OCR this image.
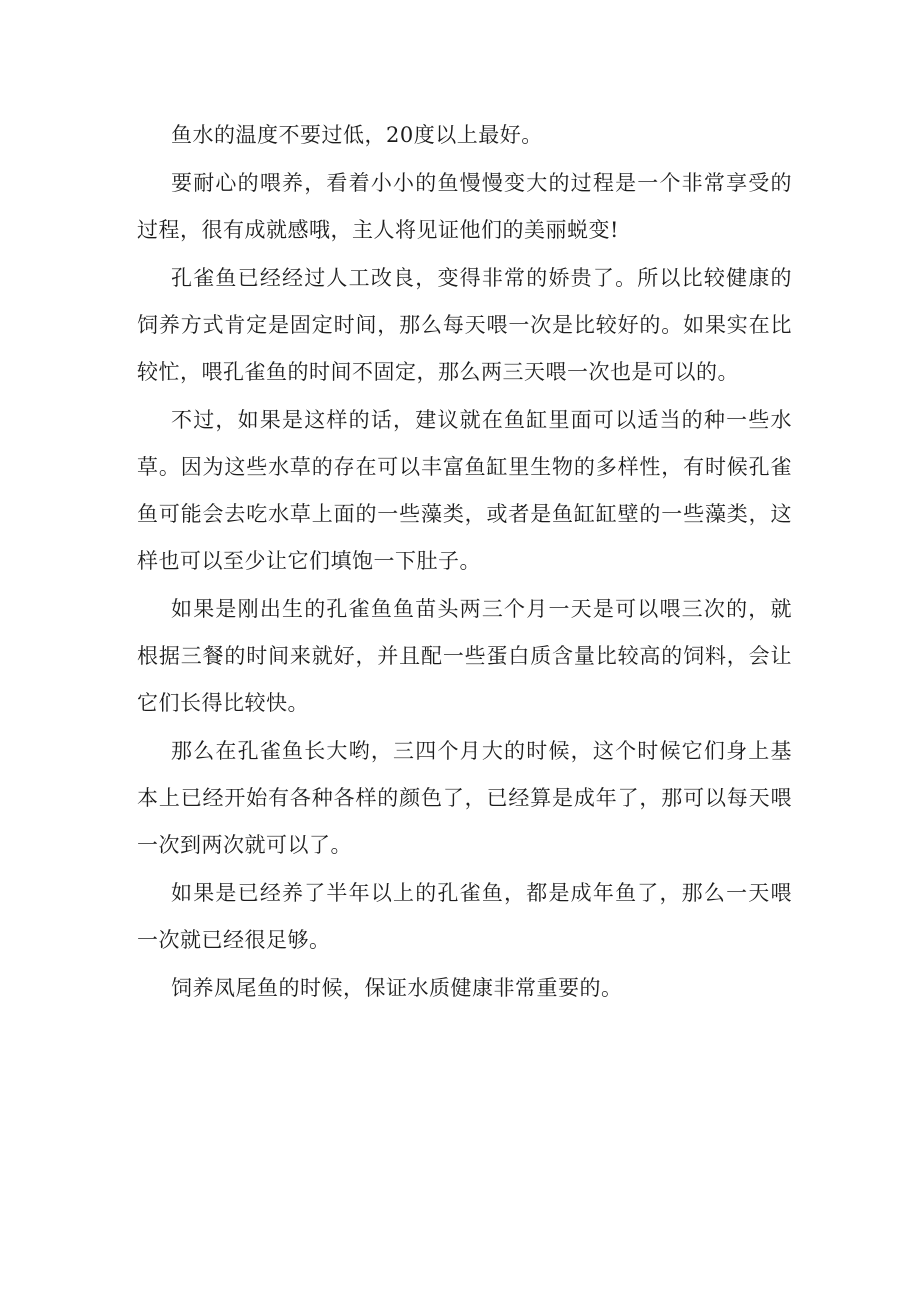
鱼水的温度不要过低，20度以上最好。

要耐心的喂养，看着小小的鱼慢慢变大的过程是一个非常享受的过程，很有成就感哦，主人将见证他们的美丽蜕变!

孔雀鱼已经经过人工改良，变得非常的娇贵了。所以比较健康的饲养方式肯定是固定时间，那么每天喂一次是比较好的。如果实在比较忙，喂孔雀鱼的时间不固定，那么两三天喂一次也是可以的。

不过，如果是这样的话，建议就在鱼缸里面可以适当的种一些水草。因为这些水草的存在可以丰富鱼缸里生物的多样性，有时候孔雀鱼可能会去吃水草上面的一些藻类，或者是鱼缸缸壁的一些藻类，这样也可以至少让它们填饱一下肚子。

如果是刚出生的孔雀鱼鱼苗头两三个月一天是可以喂三次的，就根据三餐的时间来就好，并且配一些蛋白质含量比较高的饲料，会让它们长得比较快。

那么在孔雀鱼长大哟，三四个月大的时候，这个时候它们身上基本上已经开始有各种各样的颜色了，已经算是成年了，那可以每天喂一次到两次就可以了。

如果是已经养了半年以上的孔雀鱼，都是成年鱼了，那么一天喂一次就已经很足够。

饲养凤尾鱼的时候，保证水质健康非常重要的。
